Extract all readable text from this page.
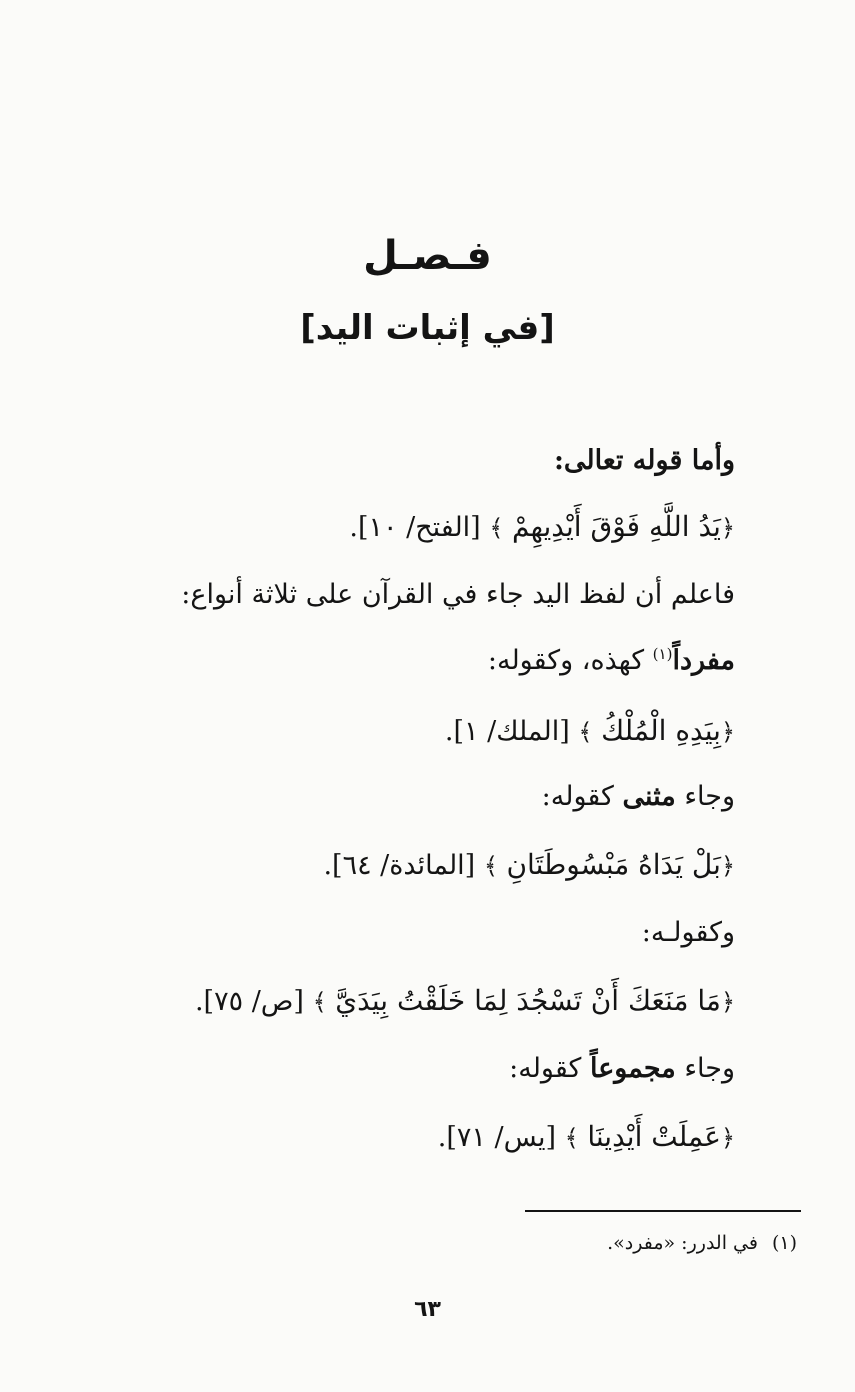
فـصـل
[في إثبات اليد]
وأما قوله تعالى:
﴿يَدُ اللَّهِ فَوْقَ أَيْدِيهِمْ ﴾ [الفتح/ ١٠].
فاعلم أن لفظ اليد جاء في القرآن على ثلاثة أنواع:
مفرداً$^{(١)}$ كهذه، وكقوله:
﴿بِيَدِهِ الْمُلْكُ ﴾ [الملك/ ١].
وجاء مثنى كقوله:
﴿بَلْ يَدَاهُ مَبْسُوطَتَانِ ﴾ [المائدة/ ٦٤].
وكقولـه:
﴿مَا مَنَعَكَ أَنْ تَسْجُدَ لِمَا خَلَقْتُ بِيَدَيَّ ﴾ [ص/ ٧٥].
وجاء مجموعاً كقوله:
﴿عَمِلَتْ أَيْدِينَا ﴾ [يس/ ٧١].
(١)في الدرر: «مفرد».
٦٣
